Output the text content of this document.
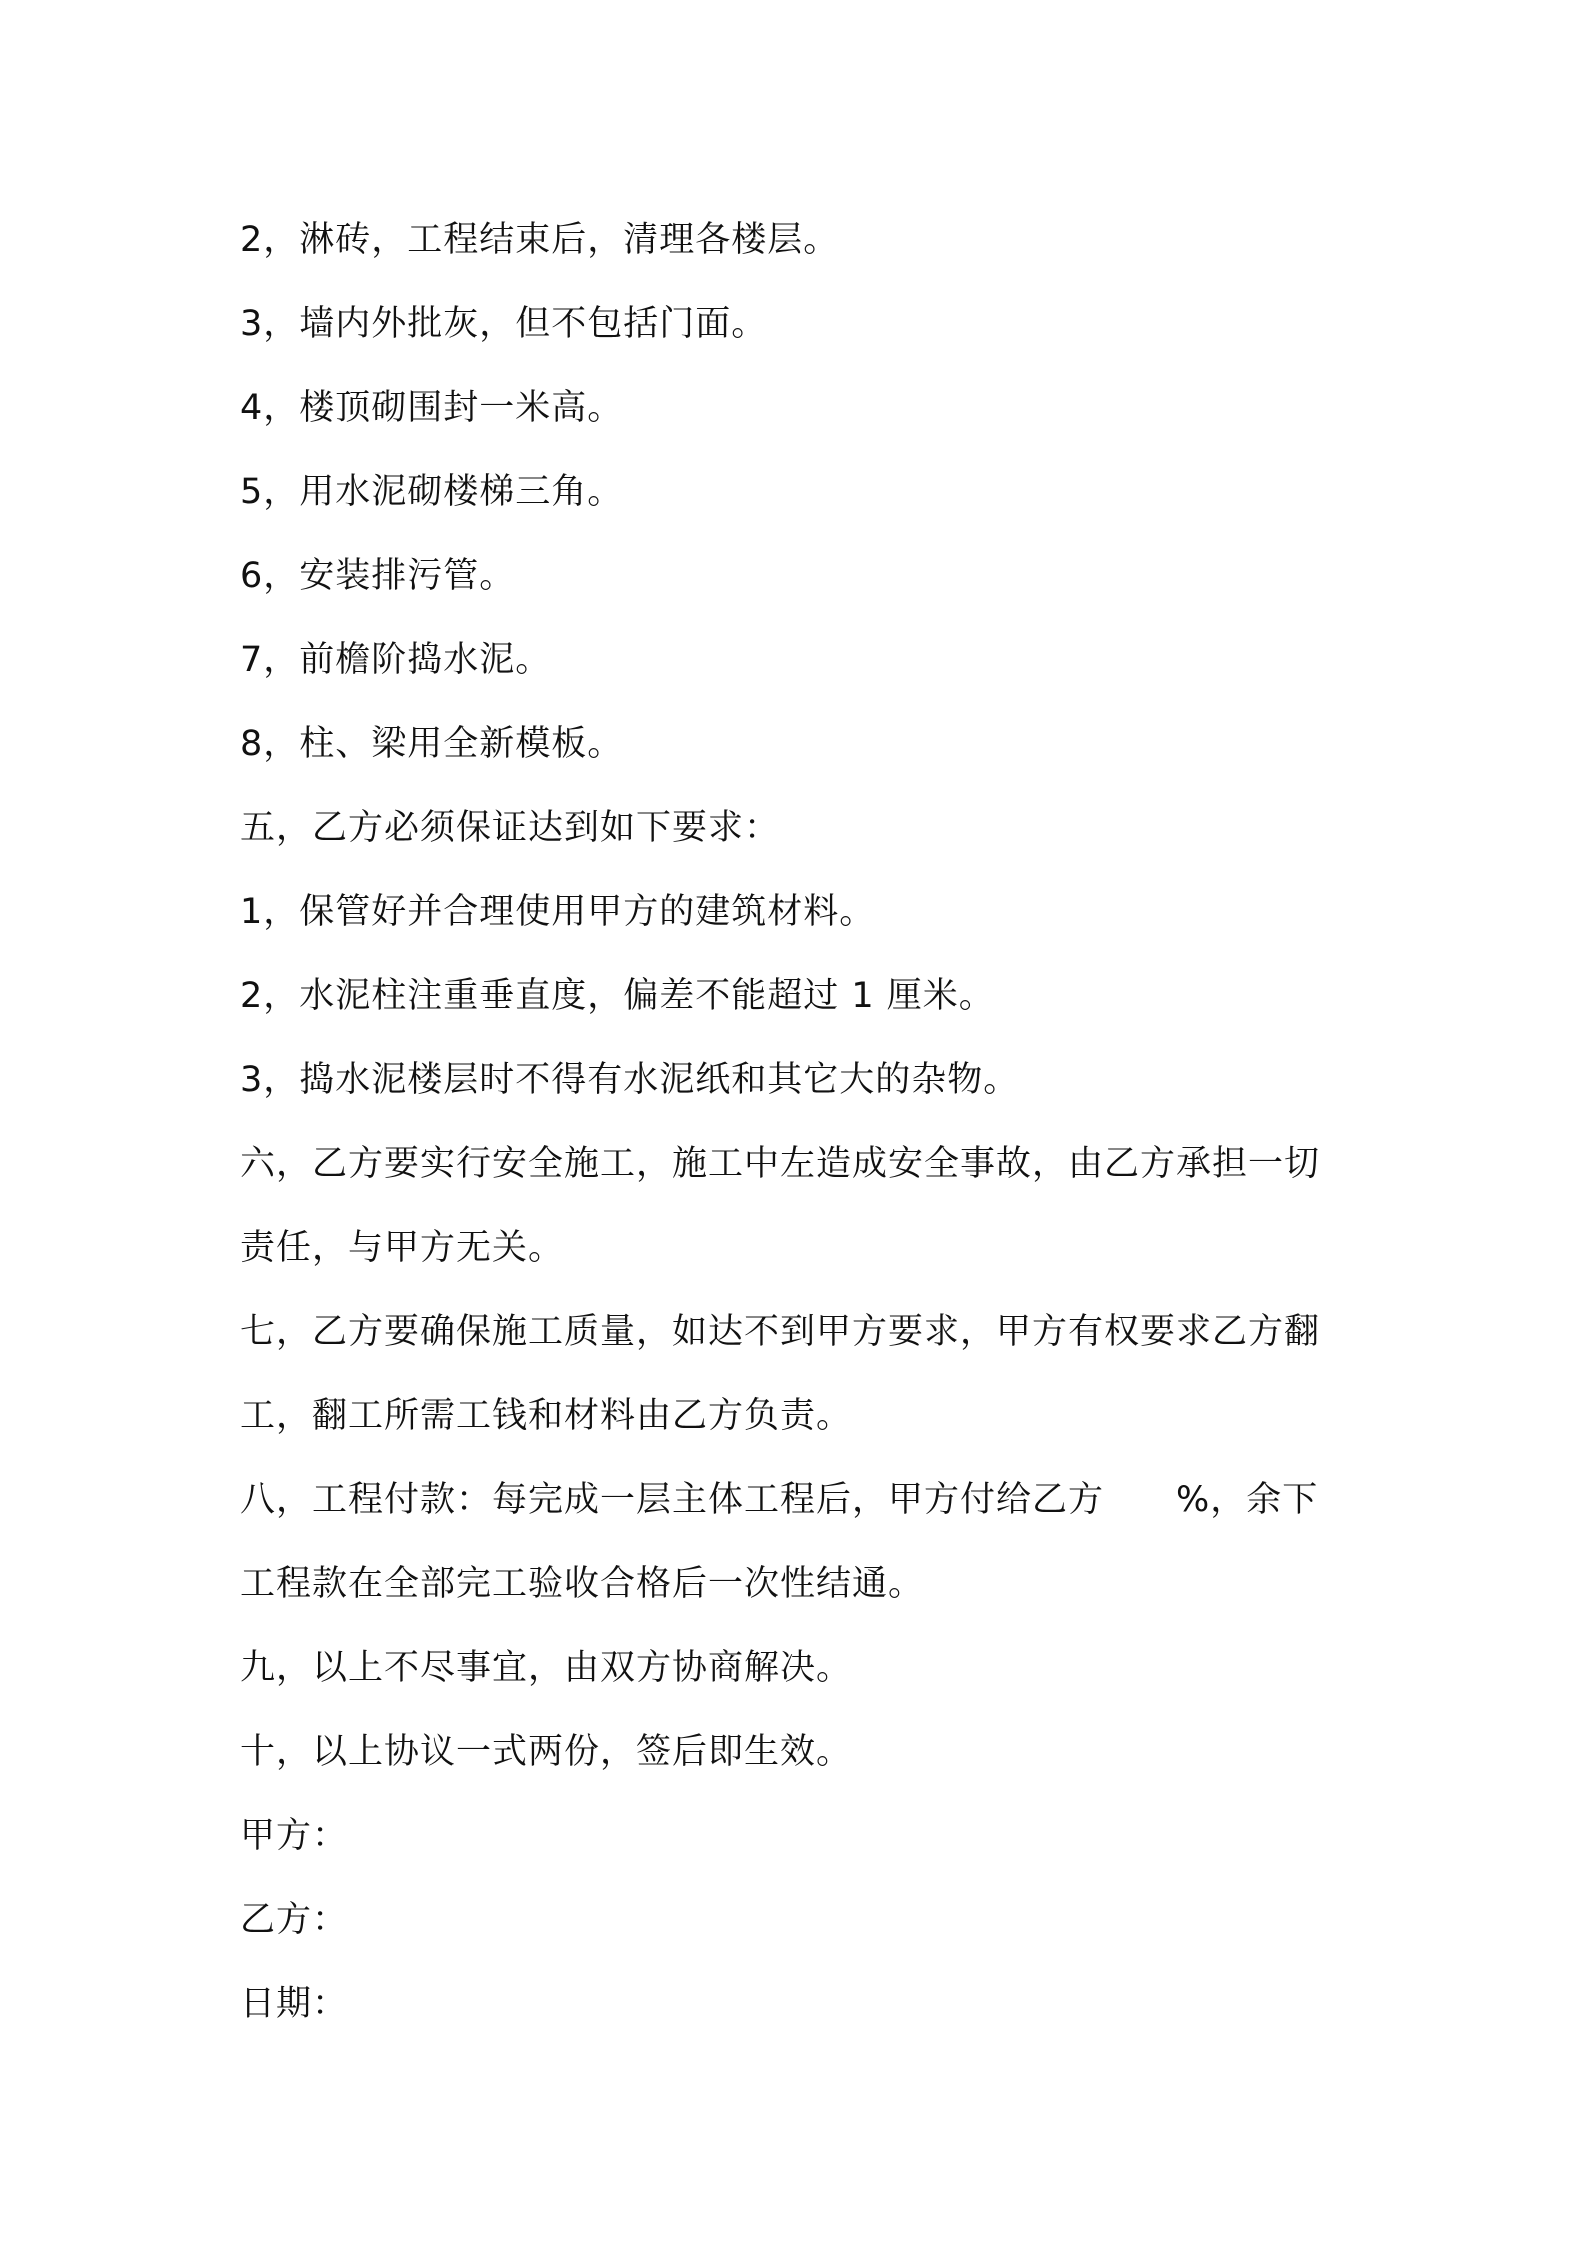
2，淋砖，工程结束后，清理各楼层。
3，墙内外批灰，但不包括门面。
4，楼顶砌围封一米高。
5，用水泥砌楼梯三角。
6，安装排污管。
7，前檐阶捣水泥。
8，柱、梁用全新模板。
五，乙方必须保证达到如下要求：
1，保管好并合理使用甲方的建筑材料。
2，水泥柱注重垂直度，偏差不能超过 1 厘米。
3，捣水泥楼层时不得有水泥纸和其它大的杂物。
六，乙方要实行安全施工，施工中左造成安全事故，由乙方承担一切
责任，与甲方无关。
七，乙方要确保施工质量，如达不到甲方要求，甲方有权要求乙方翻
工，翻工所需工钱和材料由乙方负责。
八，工程付款：每完成一层主体工程后，甲方付给乙方　　%，余下
工程款在全部完工验收合格后一次性结通。
九，以上不尽事宜，由双方协商解决。
十，以上协议一式两份，签后即生效。
甲方：
乙方：
日期：
